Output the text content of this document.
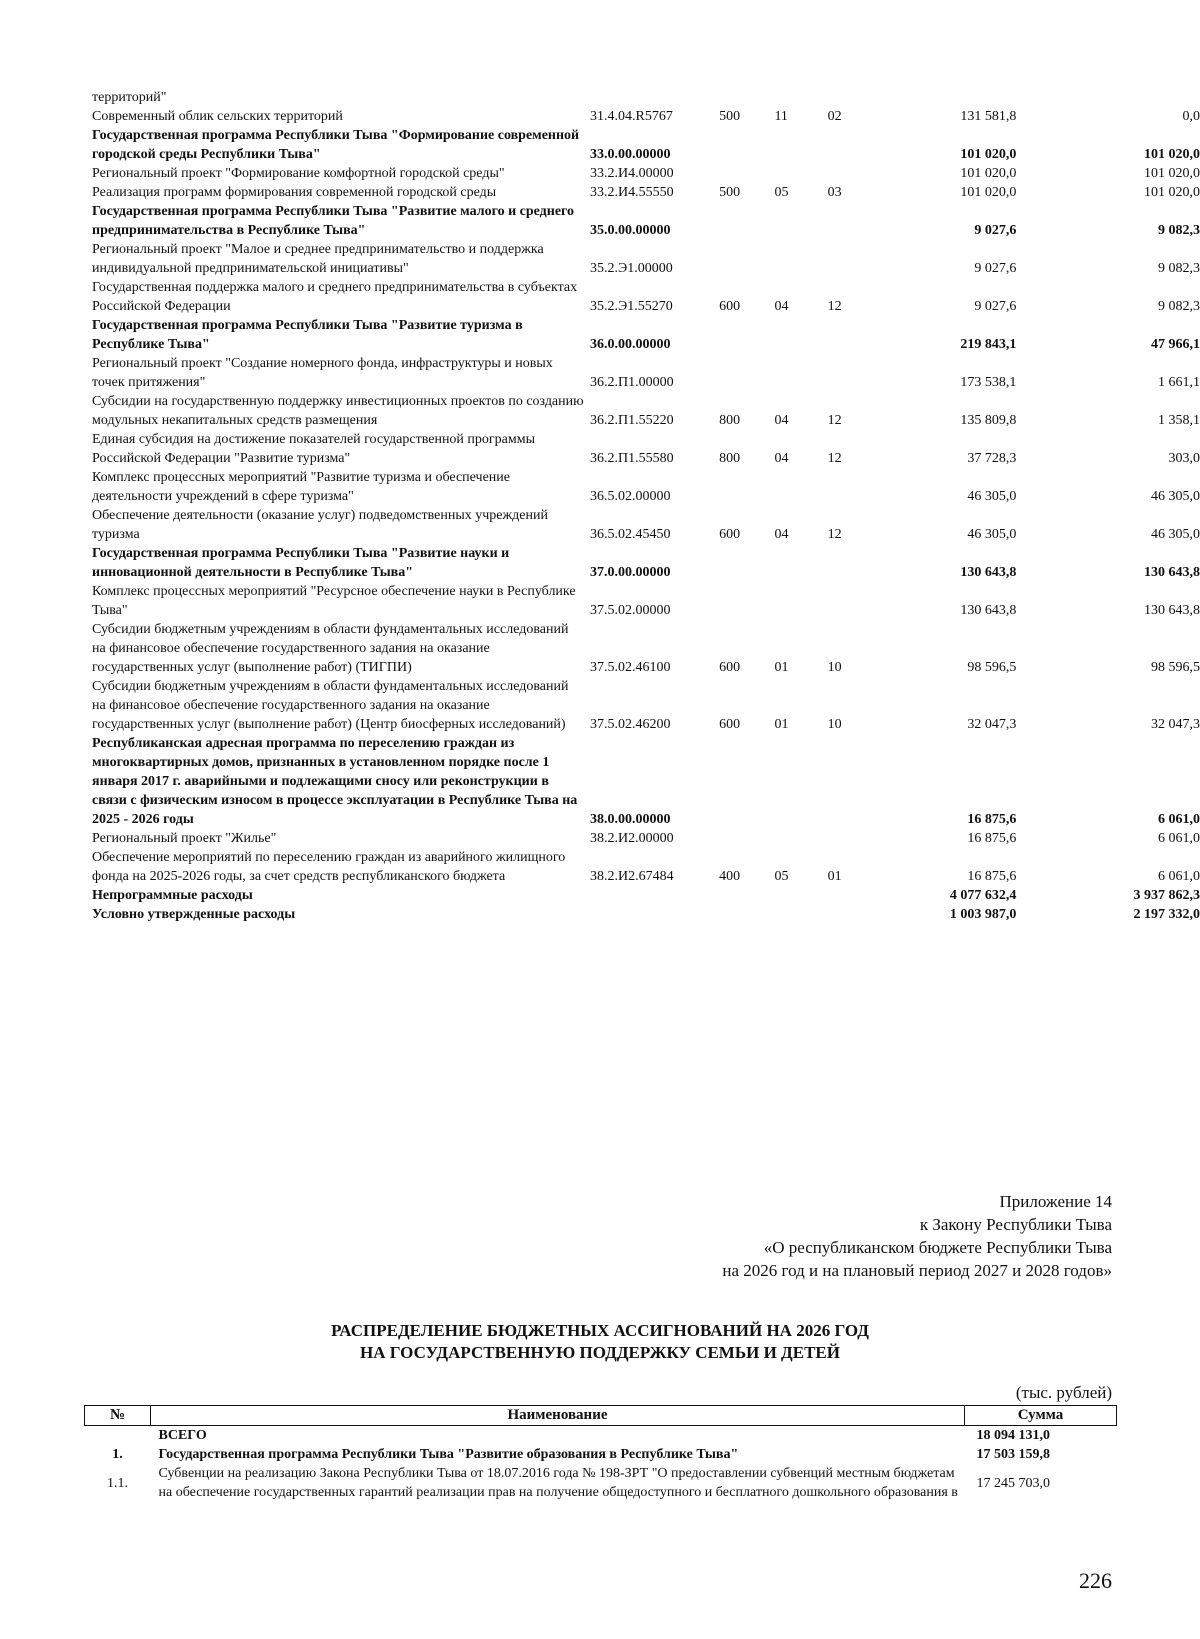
территорий"						
Современный облик сельских территорий	31.4.04.R5767	500	11	02	131 581,8	0,0
Государственная программа Республики Тыва "Формирование современной городской среды Республики Тыва"	33.0.00.00000				101 020,0	101 020,0
Региональный проект "Формирование комфортной городской среды"	33.2.И4.00000				101 020,0	101 020,0
Реализация программ формирования современной городской среды	33.2.И4.55550	500	05	03	101 020,0	101 020,0
Государственная программа Республики Тыва "Развитие малого и среднего предпринимательства в Республике Тыва"	35.0.00.00000				9 027,6	9 082,3
Региональный проект "Малое и среднее предпринимательство и поддержка индивидуальной предпринимательской инициативы"	35.2.Э1.00000				9 027,6	9 082,3
Государственная поддержка малого и среднего предпринимательства в субъектах Российской Федерации	35.2.Э1.55270	600	04	12	9 027,6	9 082,3
Государственная программа Республики Тыва "Развитие туризма в Республике Тыва"	36.0.00.00000				219 843,1	47 966,1
Региональный проект "Создание номерного фонда, инфраструктуры и новых точек притяжения"	36.2.П1.00000				173 538,1	1 661,1
Субсидии на государственную поддержку инвестиционных проектов по созданию модульных некапитальных средств размещения	36.2.П1.55220	800	04	12	135 809,8	1 358,1
Единая субсидия на достижение показателей государственной программы Российской Федерации "Развитие туризма"	36.2.П1.55580	800	04	12	37 728,3	303,0
Комплекс процессных мероприятий "Развитие туризма и обеспечение деятельности учреждений в сфере туризма"	36.5.02.00000				46 305,0	46 305,0
Обеспечение деятельности (оказание услуг) подведомственных учреждений туризма	36.5.02.45450	600	04	12	46 305,0	46 305,0
Государственная программа Республики Тыва "Развитие науки и инновационной деятельности в Республике Тыва"	37.0.00.00000				130 643,8	130 643,8
Комплекс процессных мероприятий "Ресурсное обеспечение науки в Республике Тыва"	37.5.02.00000				130 643,8	130 643,8
Субсидии бюджетным учреждениям в области фундаментальных исследований на финансовое обеспечение государственного задания на оказание государственных услуг (выполнение работ) (ТИГПИ)	37.5.02.46100	600	01	10	98 596,5	98 596,5
Субсидии бюджетным учреждениям в области фундаментальных исследований на финансовое обеспечение государственного задания на оказание государственных услуг (выполнение работ) (Центр биосферных исследований)	37.5.02.46200	600	01	10	32 047,3	32 047,3
Республиканская адресная программа по переселению граждан из многоквартирных домов, признанных в установленном порядке после 1 января 2017 г. аварийными и подлежащими сносу или реконструкции в связи с физическим износом в процессе эксплуатации в Республике Тыва на 2025 - 2026 годы	38.0.00.00000				16 875,6	6 061,0
Региональный проект "Жилье"	38.2.И2.00000				16 875,6	6 061,0
Обеспечение мероприятий по переселению граждан из аварийного жилищного фонда на 2025-2026 годы, за счет средств республиканского бюджета	38.2.И2.67484	400	05	01	16 875,6	6 061,0
Непрограммные расходы					4 077 632,4	3 937 862,3
Условно утвержденные расходы					1 003 987,0	2 197 332,0
Приложение 14
к Закону Республики Тыва
«О республиканском бюджете Республики Тыва
на 2026 год и на плановый период 2027 и 2028 годов»
РАСПРЕДЕЛЕНИЕ БЮДЖЕТНЫХ АССИГНОВАНИЙ НА 2026 ГОД
НА ГОСУДАРСТВЕННУЮ ПОДДЕРЖКУ СЕМЬИ И ДЕТЕЙ
(тыс. рублей)
№	Наименование	Сумма
	ВСЕГО	18 094 131,0
1.	Государственная программа Республики Тыва "Развитие образования в Республике Тыва"	17 503 159,8
1.1.	Субвенции на реализацию Закона Республики Тыва от 18.07.2016 года № 198-ЗРТ "О предоставлении субвенций местным бюджетам на обеспечение государственных гарантий реализации прав на получение общедоступного и бесплатного дошкольного образования в	17 245 703,0
226
